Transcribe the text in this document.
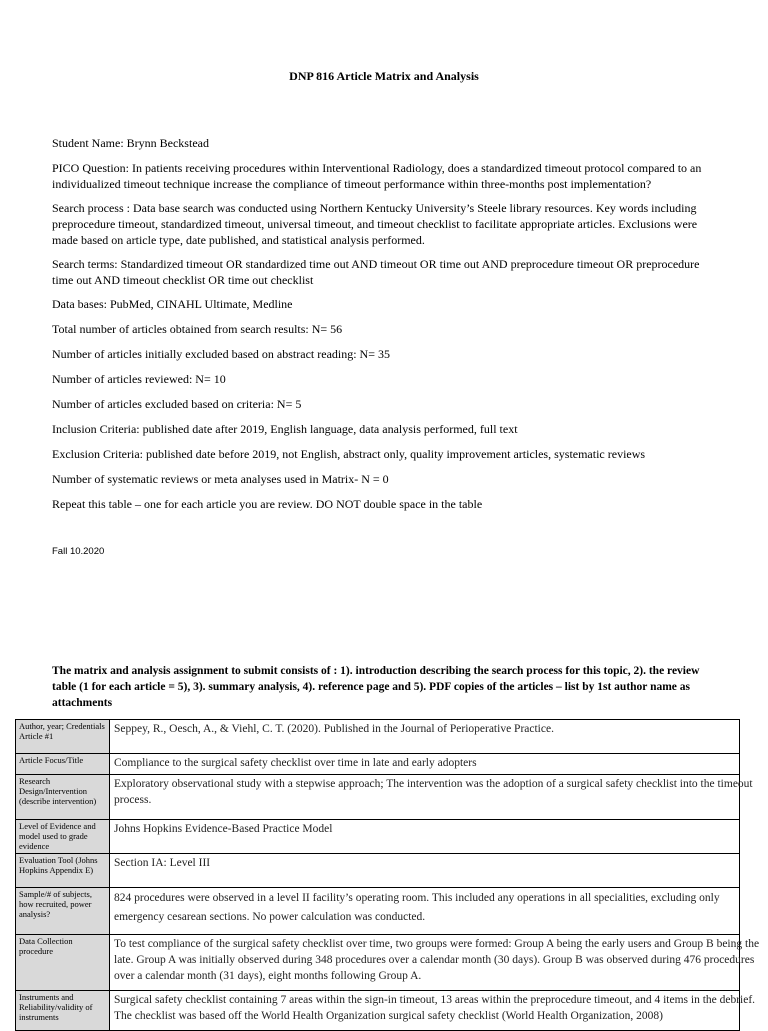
DNP 816 Article Matrix and Analysis
Student Name: Brynn Beckstead
PICO Question: In patients receiving procedures within Interventional Radiology, does a standardized timeout protocol compared to an individualized timeout technique increase the compliance of timeout performance within three-months post implementation?
Search process : Data base search was conducted using Northern Kentucky University’s Steele library resources. Key words including preprocedure timeout, standardized timeout, universal timeout, and timeout checklist to facilitate appropriate articles. Exclusions were made based on article type, date published, and statistical analysis performed.
Search terms: Standardized timeout OR standardized time out AND timeout OR time out AND preprocedure timeout OR preprocedure time out AND timeout checklist OR time out checklist
Data bases: PubMed, CINAHL Ultimate, Medline
Total number of articles obtained from search results: N= 56
Number of articles initially excluded based on abstract reading: N= 35
Number of articles reviewed: N= 10
Number of articles excluded based on criteria: N= 5
Inclusion Criteria: published date after 2019, English language, data analysis performed, full text
Exclusion Criteria: published date before 2019, not English, abstract only, quality improvement articles, systematic reviews
Number of systematic reviews or meta analyses used in Matrix- N = 0
Repeat this table – one for each article you are review. DO NOT double space in the table
Fall 10.2020
The matrix and analysis assignment to submit consists of : 1). introduction describing the search process for this topic, 2). the review table (1 for each article = 5), 3). summary analysis, 4). reference page and 5). PDF copies of the articles – list by 1st author name as attachments
Author, year; Credentials Article #1	Seppey, R., Oesch, A., & Viehl, C. T. (2020). Published in the Journal of Perioperative Practice.

Article Focus/Title	Compliance to the surgical safety checklist over time in late and early adopters

Research Design/Intervention (describe intervention)	Exploratory observational study with a stepwise approach; The intervention was the adoption of a surgical safety checklist into the timeout process.

Level of Evidence and model used to grade evidence	Johns Hopkins Evidence-Based Practice Model

Evaluation Tool (Johns Hopkins Appendix E)	Section IA: Level III

Sample/# of subjects, how recruited, power analysis?	824 procedures were observed in a level II facility’s operating room. This included any operations in all specialities, excluding only emergency cesarean sections. No power calculation was conducted.

Data Collection procedure	To test compliance of the surgical safety checklist over time, two groups were formed: Group A being the early users and Group B being the late. Group A was initially observed during 348 procedures over a calendar month (30 days). Group B was observed during 476 procedures over a calendar month (31 days), eight months following Group A.

Instruments and Reliability/validity of instruments	Surgical safety checklist containing 7 areas within the sign-in timeout, 13 areas within the preprocedure timeout, and 4 items in the debrief. The checklist was based off the World Health Organization surgical safety checklist (World Health Organization, 2008)
